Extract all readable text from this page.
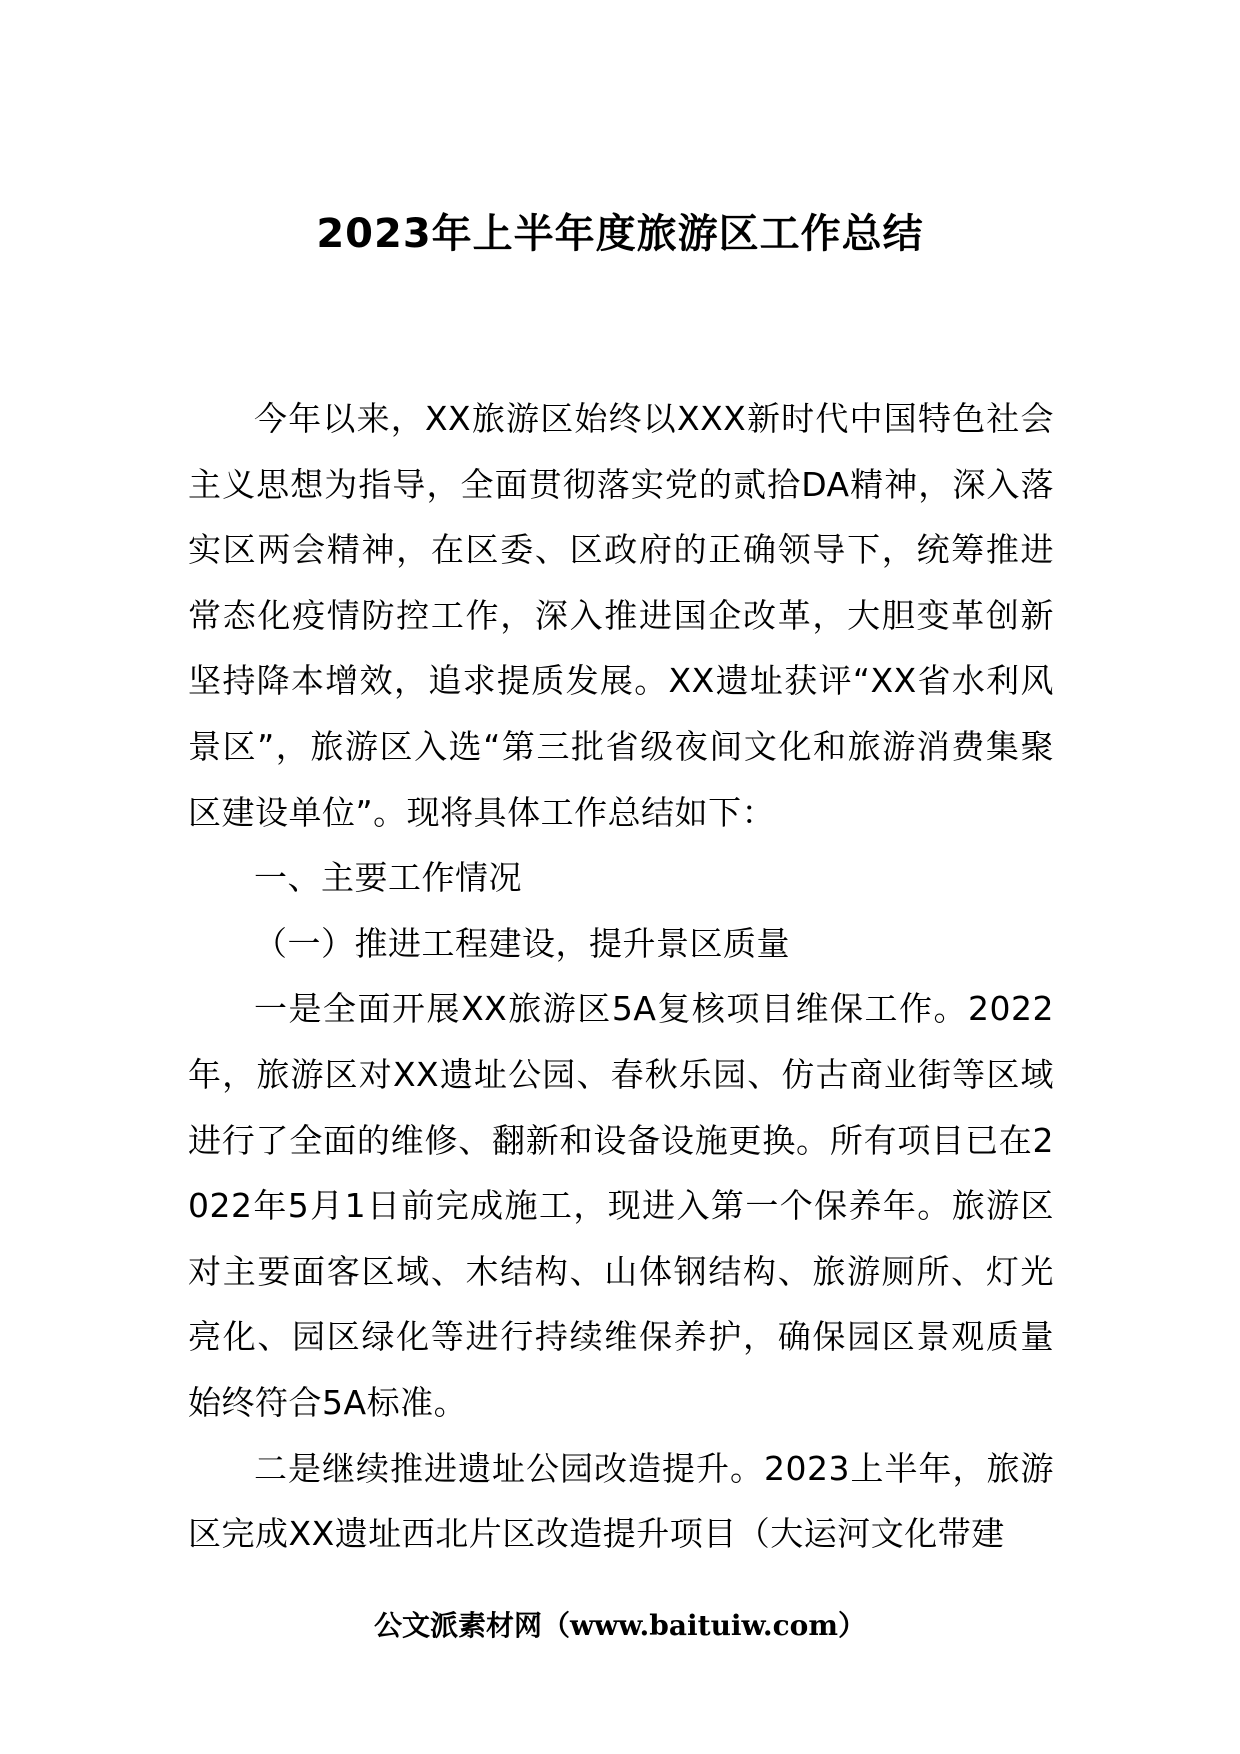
2023年上半年度旅游区工作总结

今年以来，XX旅游区始终以XXX新时代中国特色社会主义思想为指导，全面贯彻落实党的贰拾DA精神，深入落实区两会精神，在区委、区政府的正确领导下，统筹推进常态化疫情防控工作，深入推进国企改革，大胆变革创新坚持降本增效，追求提质发展。XX遗址获评“XX省水利风景区”，旅游区入选“第三批省级夜间文化和旅游消费集聚区建设单位”。现将具体工作总结如下：

一、主要工作情况

（一）推进工程建设，提升景区质量

一是全面开展XX旅游区5A复核项目维保工作。2022年，旅游区对XX遗址公园、春秋乐园、仿古商业街等区域进行了全面的维修、翻新和设备设施更换。所有项目已在2022年5月1日前完成施工，现进入第一个保养年。旅游区对主要面客区域、木结构、山体钢结构、旅游厕所、灯光亮化、园区绿化等进行持续维保养护，确保园区景观质量始终符合5A标准。

二是继续推进遗址公园改造提升。2023上半年，旅游区完成XX遗址西北片区改造提升项目（大运河文化带建

公文派素材网（www.baituiw.com）
